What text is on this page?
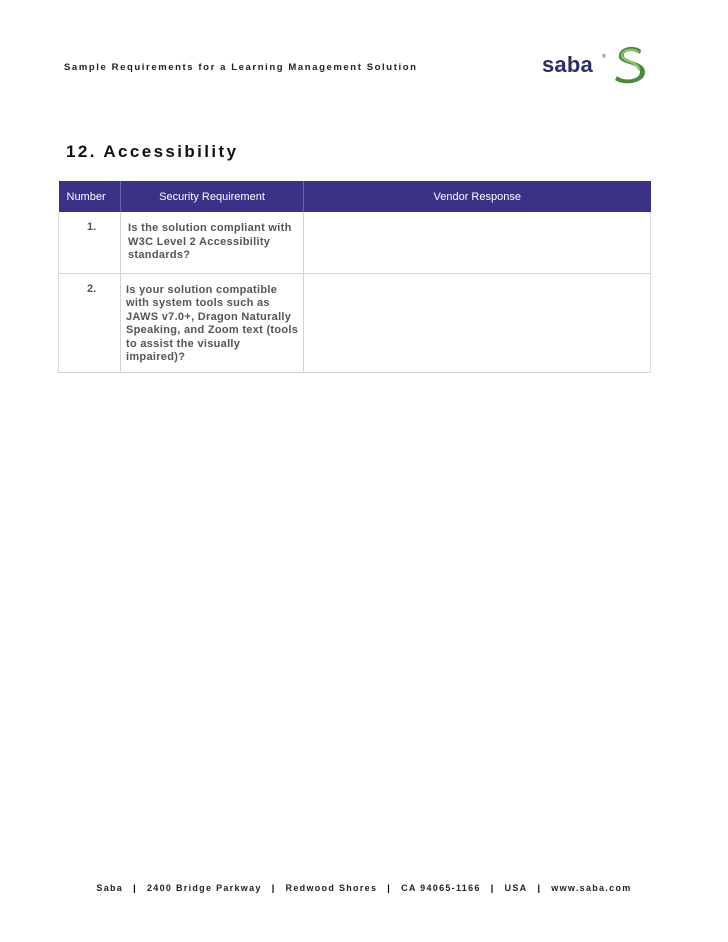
Sample Requirements for a Learning Management Solution	saba ®
12. Accessibility
Number	Security Requirement	Vendor Response
1.	Is the solution compliant with W3C Level 2 Accessibility standards?	
2.	Is your solution compatible with system tools such as JAWS v7.0+, Dragon Naturally Speaking, and Zoom text (tools to assist the visually impaired)?	
Saba | 2400 Bridge Parkway | Redwood Shores | CA 94065-1166 | USA | www.saba.com
